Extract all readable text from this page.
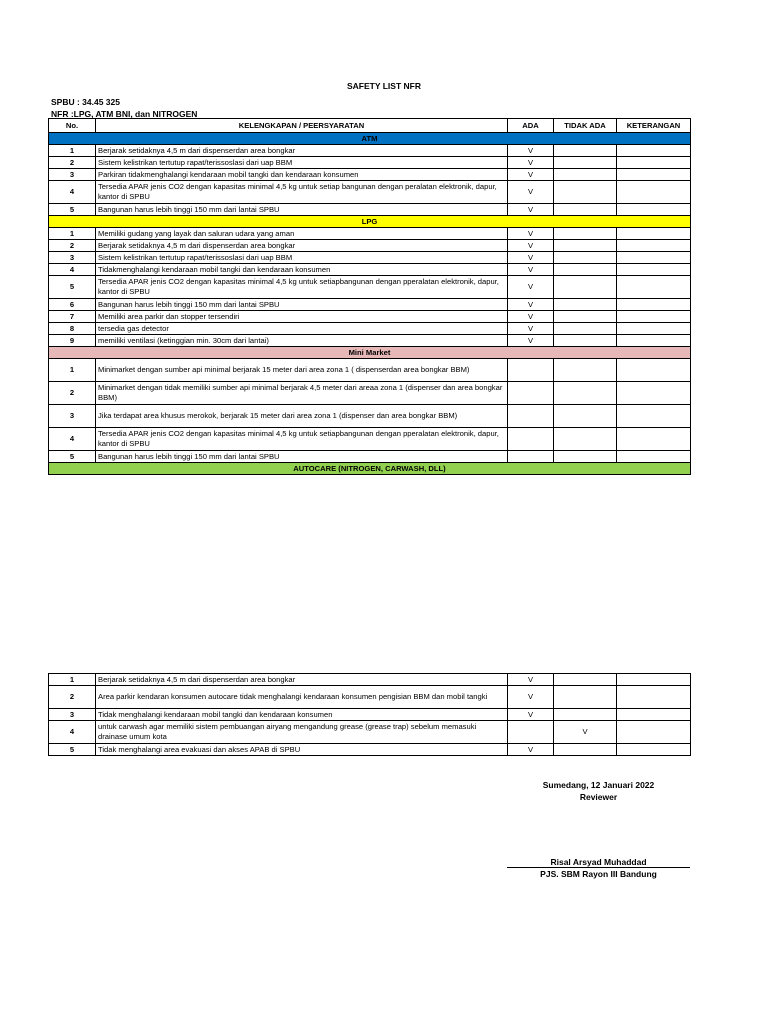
SAFETY LIST NFR
SPBU : 34.45 325
NFR :LPG, ATM BNI, dan NITROGEN
No.	KELENGKAPAN / PEERSYARATAN	ADA	TIDAK ADA	KETERANGAN
ATM				
1	Berjarak setidaknya 4,5 m dari dispenserdan area bongkar	V		
2	Sistem kelistrikan tertutup rapat/terissoslasi dari uap BBM	V		
3	Parkiran tidakmenghalangi kendaraan mobil tangki dan kendaraan konsumen	V		
4	Tersedia APAR jenis CO2 dengan kapasitas minimal 4,5 kg untuk setiap bangunan dengan peralatan elektronik, dapur, kantor di SPBU	V		
5	Bangunan harus lebih tinggi 150 mm dari lantai SPBU	V		
LPG				
1	Memiliki gudang yang layak dan saluran udara yang aman	V		
2	Berjarak setidaknya 4,5 m dari dispenserdan area bongkar	V		
3	Sistem kelistrikan tertutup rapat/terissoslasi dari uap BBM	V		
4	Tidakmenghalangi kendaraan mobil tangki dan kendaraan konsumen	V		
5	Tersedia APAR jenis CO2 dengan kapasitas minimal 4,5 kg untuk setiapbangunan dengan pperalatan elektronik, dapur, kantor di SPBU	V		
6	Bangunan harus lebih tinggi 150 mm dari lantai SPBU	V		
7	Memiliki area parkir dan stopper tersendiri	V		
8	tersedia gas detector	V		
9	memiliki ventilasi (ketinggian min. 30cm dari lantai)	V		
Mini Market				
1	Minimarket dengan sumber api minimal berjarak 15 meter dari area zona 1 ( dispenserdan area bongkar BBM)			
2	Minimarket dengan tidak memiliki sumber api minimal berjarak 4,5 meter dari areaa zona 1 (dispenser dan area bongkar BBM)			
3	Jika terdapat area khusus merokok, berjarak 15 meter dari area zona 1 (dispenser dan area bongkar BBM)			
4	Tersedia APAR jenis CO2 dengan kapasitas minimal 4,5 kg untuk setiapbangunan dengan pperalatan elektronik, dapur, kantor di SPBU			
5	Bangunan harus lebih tinggi 150 mm dari lantai SPBU			
AUTOCARE (NITROGEN, CARWASH, DLL)				
1	Berjarak setidaknya 4,5 m dari dispenserdan area bongkar	V		
2	Area parkir kendaran konsumen autocare tidak menghalangi kendaraan konsumen pengisian BBM dan mobil tangki	V		
3	Tidak menghalangi kendaraan mobil tangki dan kendaraan konsumen	V		
4	untuk carwash agar memiliki sistem pembuangan airyang mengandung grease (grease trap) sebelum memasuki drainase umum kota		V	
5	Tidak menghalangi area evakuasi dan akses APAB di SPBU	V		
Sumedang, 12 Januari 2022
Reviewer
Risal Arsyad Muhaddad
PJS. SBM Rayon III Bandung
